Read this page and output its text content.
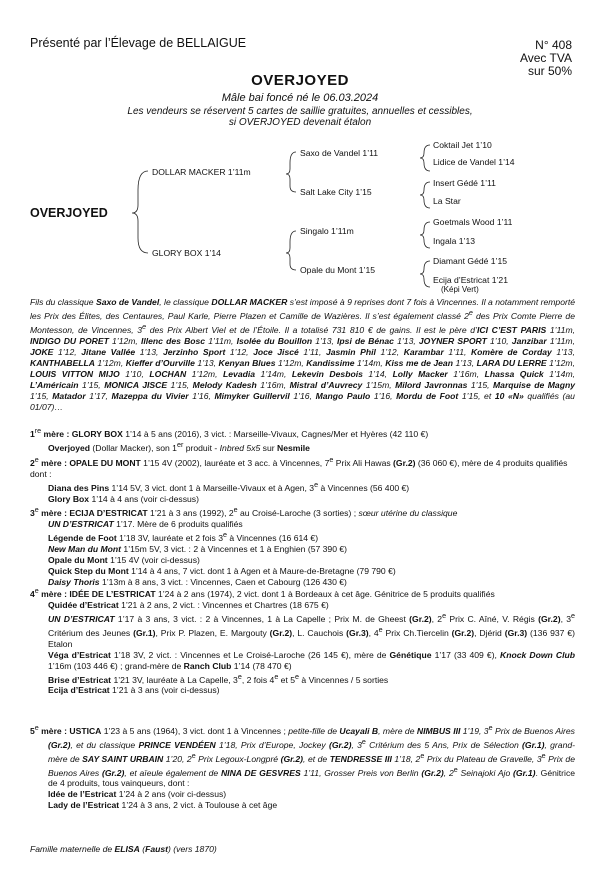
Présenté par l’Élevage de BELLAIGUE	N° 408
Avec TVA
sur 50%
OVERJOYED
Mâle bai foncé né le 06.03.2024
Les vendeurs se réservent 5 cartes de saillie gratuites, annuelles et cessibles,
si OVERJOYED devenait étalon
OVERJOYED
DOLLAR MACKER 1’11m
GLORY BOX 1’14
Saxo de Vandel 1’11
Salt Lake City 1’15
Singalo 1’11m
Opale du Mont 1’15
Coktail Jet 1’10
Lidice de Vandel 1’14
Insert Gédé 1’11
La Star
Goetmals Wood 1’11
Ingala 1’13
Diamant Gédé 1’15
Ecija d’Estricat 1’21
(Képi Vert)
Fils du classique Saxo de Vandel, le classique DOLLAR MACKER s’est imposé à 9 reprises dont 7 fois à Vincennes. Il a notamment remporté les Prix des Élites, des Centaures, Paul Karle, Pierre Plazen et Camille de Wazières. Il s’est également classé 2e des Prix Comte Pierre de Montesson, de Vincennes, 3e des Prix Albert Viel et de l’Étoile. Il a totalisé 731 810 € de gains. Il est le père d’ICI C’EST PARIS 1’11m, INDIGO DU PORET 1’12m, Illenc des Bosc 1’11m, Isolée du Bouillon 1’13, Ipsi de Bénac 1’13, JOYNER SPORT 1’10, Janzibar 1’11m, JOKE 1’12, Jitane Vallée 1’13, Jerzinho Sport 1’12, Joce Jiscé 1’11, Jasmin Phil 1’12, Karambar 1’11, Komère de Corday 1’13, KANTHABELLA 1’12m, Kieffer d’Ourville 1’13, Kenyan Blues 1’12m, Kandissime 1’14m, Kiss me de Jean 1’13, LARA DU LERRE 1’12m, LOUIS VITTON MIJO 1’10, LOCHAN 1’12m, Levadia 1’14m, Lekevin Desbois 1’14, Lolly Macker 1’16m, Lhassa Quick 1’14m, L’Américain 1’15, MONICA JISCE 1’15, Melody Kadesh 1’16m, Mistral d’Auvrecy 1’15m, Milord Javronnas 1’15, Marquise de Magny 1’15, Matador 1’17, Mazeppa du Vivier 1’16, Mimyker Guillervil 1’16, Mango Paulo 1’16, Mordu de Foot 1’15, et 10 «N» qualifiés (au 01/07)…
1re mère : GLORY BOX 1’14 à 5 ans (2016), 3 vict. : Marseille-Vivaux, Cagnes/Mer et Hyères (42 110 €)
Overjoyed (Dollar Macker), son 1er produit - Inbred 5x5 sur Nesmile
2e mère : OPALE DU MONT 1’15 4V (2002), lauréate et 3 acc. à Vincennes, 7e Prix Ali Hawas (Gr.2) (36 060 €), mère de 4 produits qualifiés dont :
Diana des Pins 1’14 5V, 3 vict. dont 1 à Marseille-Vivaux et à Agen, 3e à Vincennes (56 400 €)
Glory Box 1’14 à 4 ans (voir ci-dessus)
3e mère : ECIJA D’ESTRICAT 1’21 à 3 ans (1992), 2e au Croisé-Laroche (3 sorties) ; sœur utérine du classique
UN D’ESTRICAT 1’17. Mère de 6 produits qualifiés
Légende de Foot 1’18 3V, lauréate et 2 fois 3e à Vincennes (16 614 €)
New Man du Mont 1’15m 5V, 3 vict. : 2 à Vincennes et 1 à Enghien (57 390 €)
Opale du Mont 1’15 4V (voir ci-dessus)
Quick Step du Mont 1’14 à 4 ans, 7 vict. dont 1 à Agen et à Maure-de-Bretagne (79 790 €)
Daisy Thoris 1’13m à 8 ans, 3 vict. : Vincennes, Caen et Cabourg (126 430 €)
4e mère : IDÉE DE L’ESTRICAT 1’24 à 2 ans (1974), 2 vict. dont 1 à Bordeaux à cet âge. Génitrice de 5 produits qualifiés
Quidée d’Estricat 1’21 à 2 ans, 2 vict. : Vincennes et Chartres (18 675 €)
UN D’ESTRICAT 1’17 à 3 ans, 3 vict. : 2 à Vincennes, 1 à La Capelle ; Prix M. de Gheest (Gr.2), 2e Prix C. Aîné, V. Régis (Gr.2), 3e Critérium des Jeunes (Gr.1), Prix P. Plazen, E. Margouty (Gr.2), L. Cauchois (Gr.3), 4e Prix Ch.Tiercelin (Gr.2), Djérid (Gr.3) (136 937 €) Etalon
Véga d’Estricat 1’18 3V, 2 vict. : Vincennes et Le Croisé-Laroche (26 145 €), mère de Génétique 1’17 (33 409 €), Knock Down Club 1’16m (103 446 €) ; grand-mère de Ranch Club 1’14 (78 470 €)
Brise d’Estricat 1’21 3V, lauréate à La Capelle, 3e, 2 fois 4e et 5e à Vincennes / 5 sorties
Ecija d’Estricat 1’21 à 3 ans (voir ci-dessus)
5e mère : USTICA 1’23 à 5 ans (1964), 3 vict. dont 1 à Vincennes ; petite-fille de Ucayali B, mère de NIMBUS III 1’19, 3e Prix de Buenos Aires (Gr.2), et du classique PRINCE VENDÉEN 1’18, Prix d’Europe, Jockey (Gr.2), 3e Critérium des 5 Ans, Prix de Sélection (Gr.1), grand-mère de SAY SAINT URBAIN 1’20, 2e Prix Legoux-Longpré (Gr.2), et de TENDRESSE III 1’18, 2e Prix du Plateau de Gravelle, 3e Prix de Buenos Aires (Gr.2), et aïeule également de NINA DE GESVRES 1’11, Grosser Preis von Berlin (Gr.2), 2e Seinajoki Ajo (Gr.1). Génitrice de 4 produits, tous vainqueurs, dont :
Idée de l’Estricat 1’24 à 2 ans (voir ci-dessus)
Lady de l’Estricat 1’24 à 3 ans, 2 vict. à Toulouse à cet âge
Famille maternelle de ELISA (Faust) (vers 1870)
